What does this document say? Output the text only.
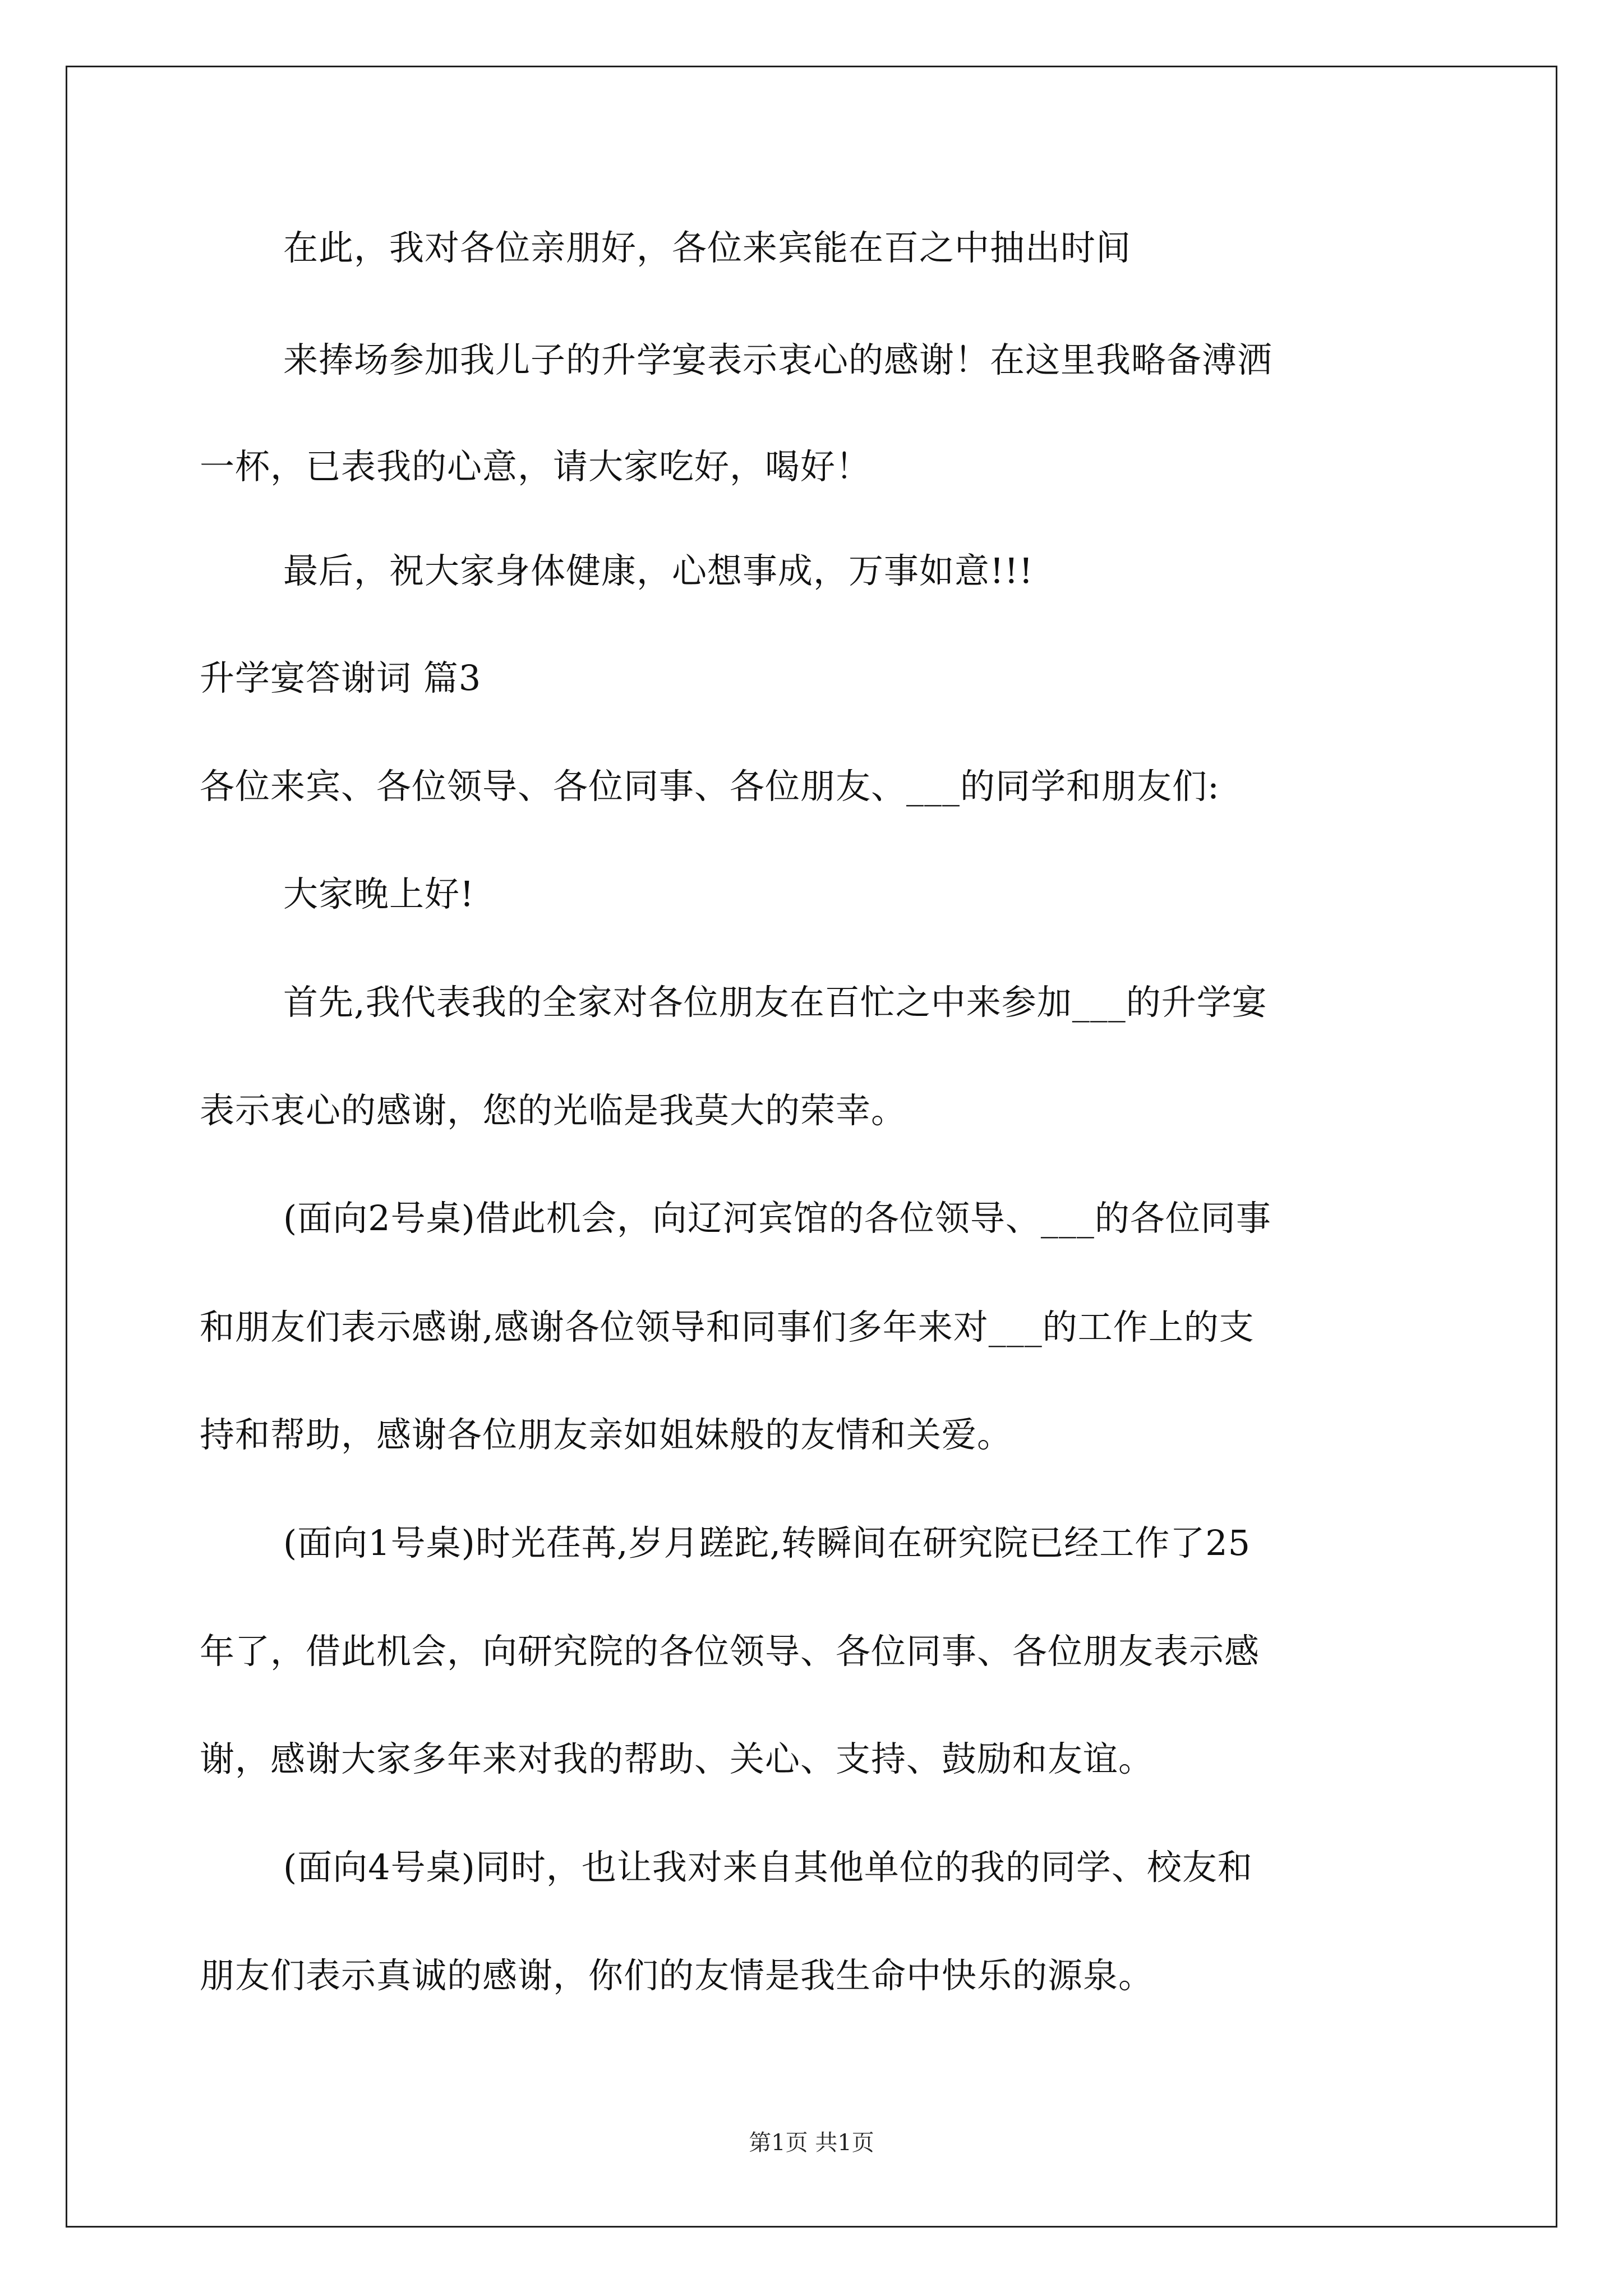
在此，我对各位亲朋好，各位来宾能在百之中抽出时间
来捧场参加我儿子的升学宴表示衷心的感谢！在这里我略备溥洒
一杯，已表我的心意，请大家吃好，喝好！
最后，祝大家身体健康，心想事成，万事如意!!!
升学宴答谢词 篇3
各位来宾、各位领导、各位同事、各位朋友、___的同学和朋友们:
大家晚上好!
首先,我代表我的全家对各位朋友在百忙之中来参加___的升学宴
表示衷心的感谢，您的光临是我莫大的荣幸。
(面向2号桌)借此机会，向辽河宾馆的各位领导、___的各位同事
和朋友们表示感谢,感谢各位领导和同事们多年来对___的工作上的支
持和帮助，感谢各位朋友亲如姐妹般的友情和关爱。
(面向1号桌)时光荏苒,岁月蹉跎,转瞬间在研究院已经工作了25
年了，借此机会，向研究院的各位领导、各位同事、各位朋友表示感
谢，感谢大家多年来对我的帮助、关心、支持、鼓励和友谊。
(面向4号桌)同时，也让我对来自其他单位的我的同学、校友和
朋友们表示真诚的感谢，你们的友情是我生命中快乐的源泉。
第1页 共1页
